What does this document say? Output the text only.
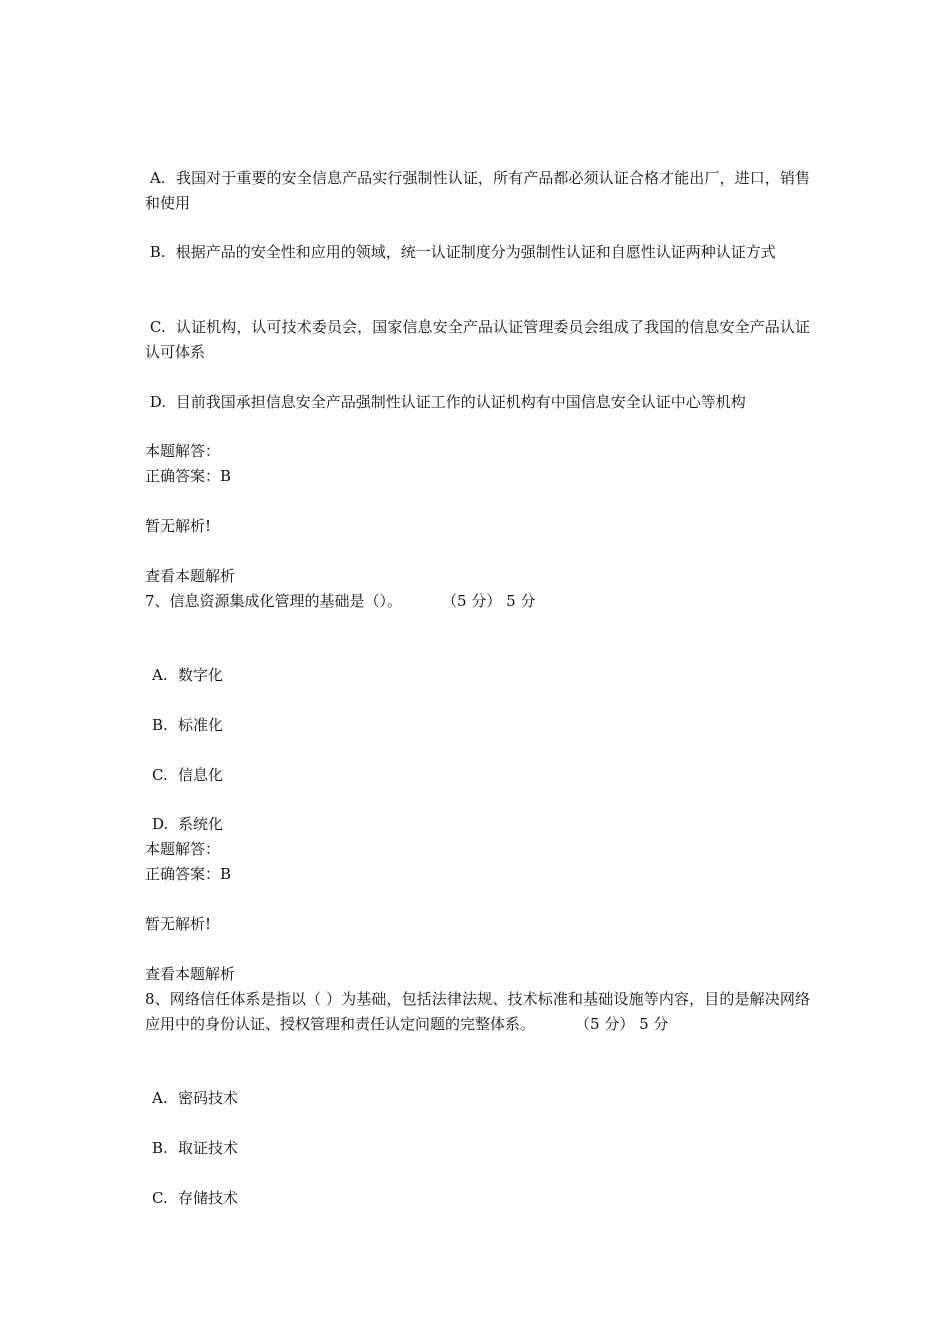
A. 我国对于重要的安全信息产品实行强制性认证，所有产品都必须认证合格才能出厂，进口，销售和使用
B. 根据产品的安全性和应用的领域，统一认证制度分为强制性认证和自愿性认证两种认证方式
C. 认证机构，认可技术委员会，国家信息安全产品认证管理委员会组成了我国的信息安全产品认证认可体系
D. 目前我国承担信息安全产品强制性认证工作的认证机构有中国信息安全认证中心等机构
本题解答：
正确答案：B
暂无解析!
查看本题解析
7、信息资源集成化管理的基础是（）。	（5 分） 5 分
A. 数字化
B. 标准化
C. 信息化
D. 系统化
本题解答：
正确答案：B
暂无解析!
查看本题解析
8、网络信任体系是指以（ ）为基础，包括法律法规、技术标准和基础设施等内容，目的是解决网络应用中的身份认证、授权管理和责任认定问题的完整体系。	（5 分） 5 分
A. 密码技术
B. 取证技术
C. 存储技术
